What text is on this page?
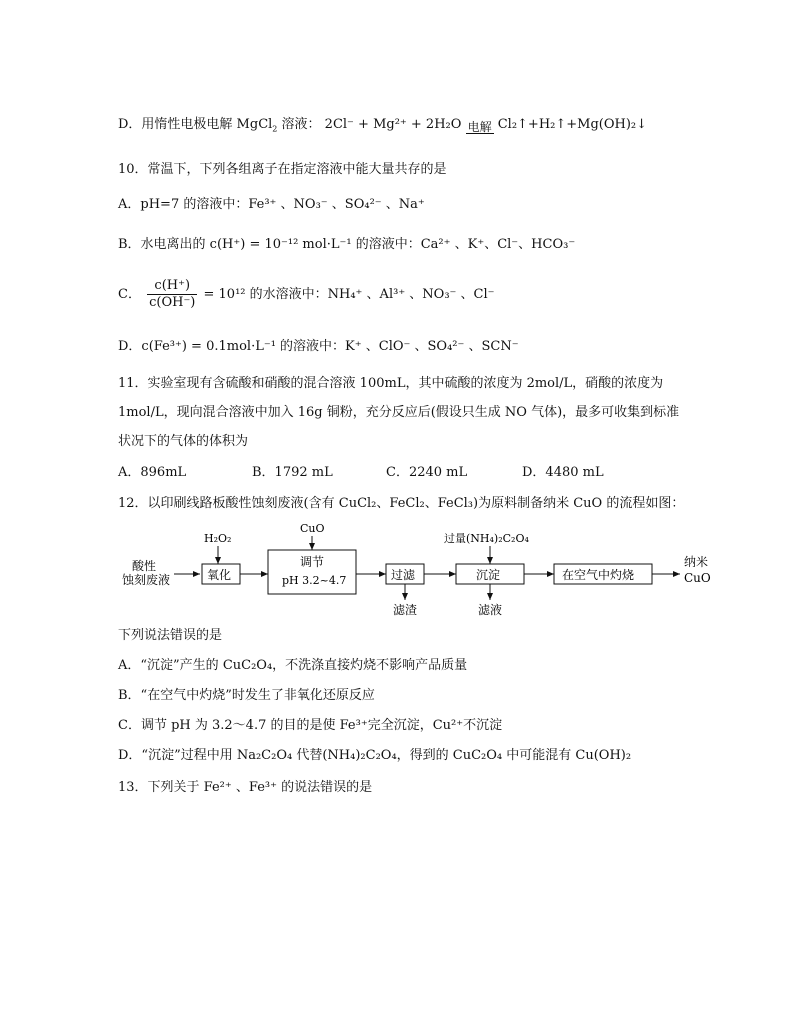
D．用惰性电极电解 MgCl$_2$ 溶液： 2Cl⁻ + Mg²⁺ + 2H₂O 电解 Cl₂↑+H₂↑+Mg(OH)₂↓
10．常温下，下列各组离子在指定溶液中能大量共存的是
A．pH=7 的溶液中：Fe³⁺ 、NO₃⁻ 、SO₄²⁻ 、Na⁺
B．水电离出的 c(H⁺) = 10⁻¹² mol·L⁻¹ 的溶液中：Ca²⁺ 、K⁺、Cl⁻、HCO₃⁻
C． $\frac{c(H^+)}{c(OH^-)} = 10^{12}$ 的水溶液中：NH₄⁺ 、Al³⁺ 、NO₃⁻ 、Cl⁻
D．c(Fe³⁺) = 0.1mol·L⁻¹ 的溶液中：K⁺ 、ClO⁻ 、SO₄²⁻ 、SCN⁻
11．实验室现有含硫酸和硝酸的混合溶液 100mL，其中硫酸的浓度为 2mol/L，硝酸的浓度为
1mol/L，现向混合溶液中加入 16g 铜粉，充分反应后(假设只生成 NO 气体)，最多可收集到标准
状况下的气体的体积为
A．896mL	B．1792 mL	C．2240 mL	D．4480 mL
12．以印刷线路板酸性蚀刻废液(含有 CuCl₂、FeCl₂、FeCl₃)为原料制备纳米 CuO 的流程如图：
酸性
蚀刻废液
H₂O₂
氧化
CuO
调节
pH 3.2~4.7	过滤
滤渣
过量(NH₄)₂C₂O₄
沉淀
滤液
在空气中灼烧
纳米
CuO
下列说法错误的是
A．“沉淀”产生的 CuC₂O₄，不洗涤直接灼烧不影响产品质量
B．“在空气中灼烧”时发生了非氧化还原反应
C．调节 pH 为 3.2～4.7 的目的是使 Fe³⁺完全沉淀，Cu²⁺不沉淀
D．“沉淀”过程中用 Na₂C₂O₄ 代替(NH₄)₂C₂O₄，得到的 CuC₂O₄ 中可能混有 Cu(OH)₂
13．下列关于 Fe²⁺ 、Fe³⁺ 的说法错误的是
